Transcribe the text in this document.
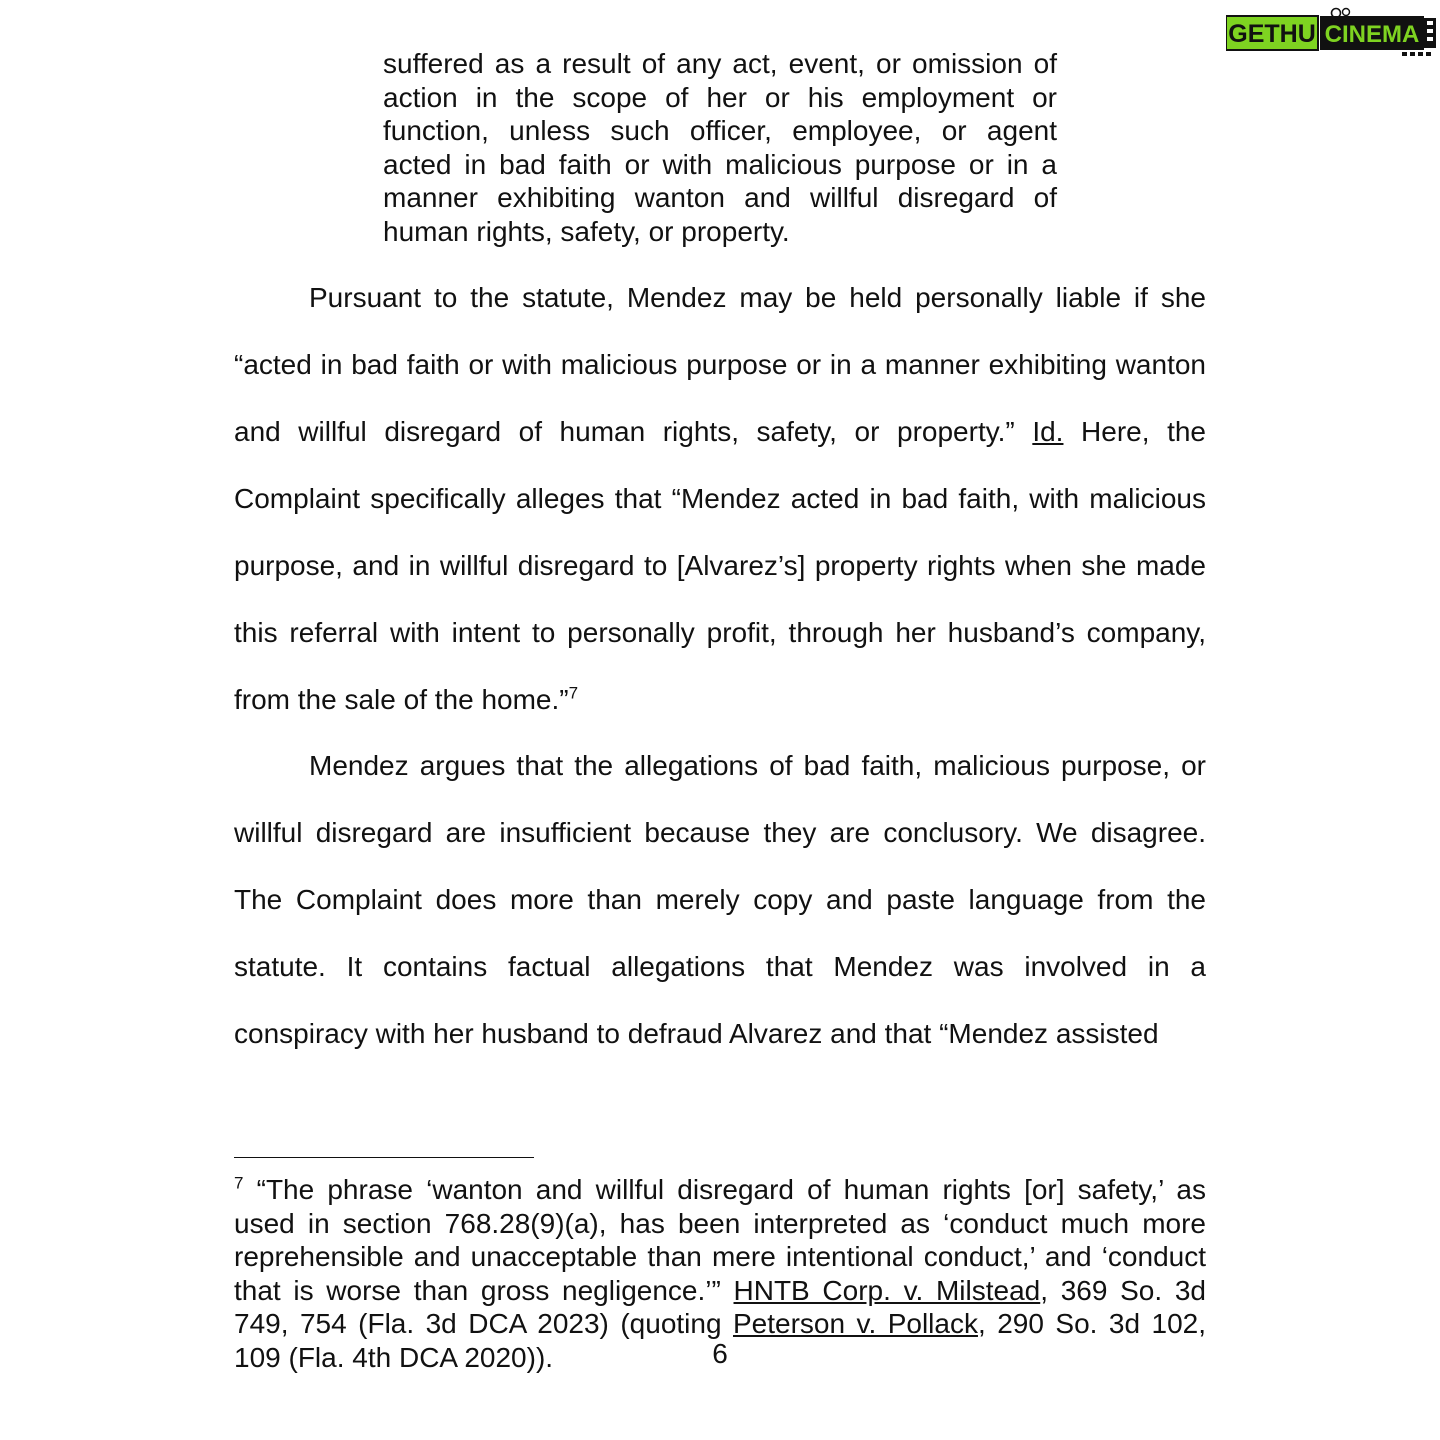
GETHU CINEMA

suffered as a result of any act, event, or omission of action in the scope of her or his employment or function, unless such officer, employee, or agent acted in bad faith or with malicious purpose or in a manner exhibiting wanton and willful disregard of human rights, safety, or property.

Pursuant to the statute, Mendez may be held personally liable if she “acted in bad faith or with malicious purpose or in a manner exhibiting wanton and willful disregard of human rights, safety, or property.” Id. Here, the Complaint specifically alleges that “Mendez acted in bad faith, with malicious purpose, and in willful disregard to [Alvarez’s] property rights when she made this referral with intent to personally profit, through her husband’s company, from the sale of the home.”$^7$

Mendez argues that the allegations of bad faith, malicious purpose, or willful disregard are insufficient because they are conclusory. We disagree. The Complaint does more than merely copy and paste language from the statute. It contains factual allegations that Mendez was involved in a conspiracy with her husband to defraud Alvarez and that “Mendez assisted

$^7$ “The phrase ‘wanton and willful disregard of human rights [or] safety,’ as used in section 768.28(9)(a), has been interpreted as ‘conduct much more reprehensible and unacceptable than mere intentional conduct,’ and ‘conduct that is worse than gross negligence.’” HNTB Corp. v. Milstead, 369 So. 3d 749, 754 (Fla. 3d DCA 2023) (quoting Peterson v. Pollack, 290 So. 3d 102, 109 (Fla. 4th DCA 2020)).	6
